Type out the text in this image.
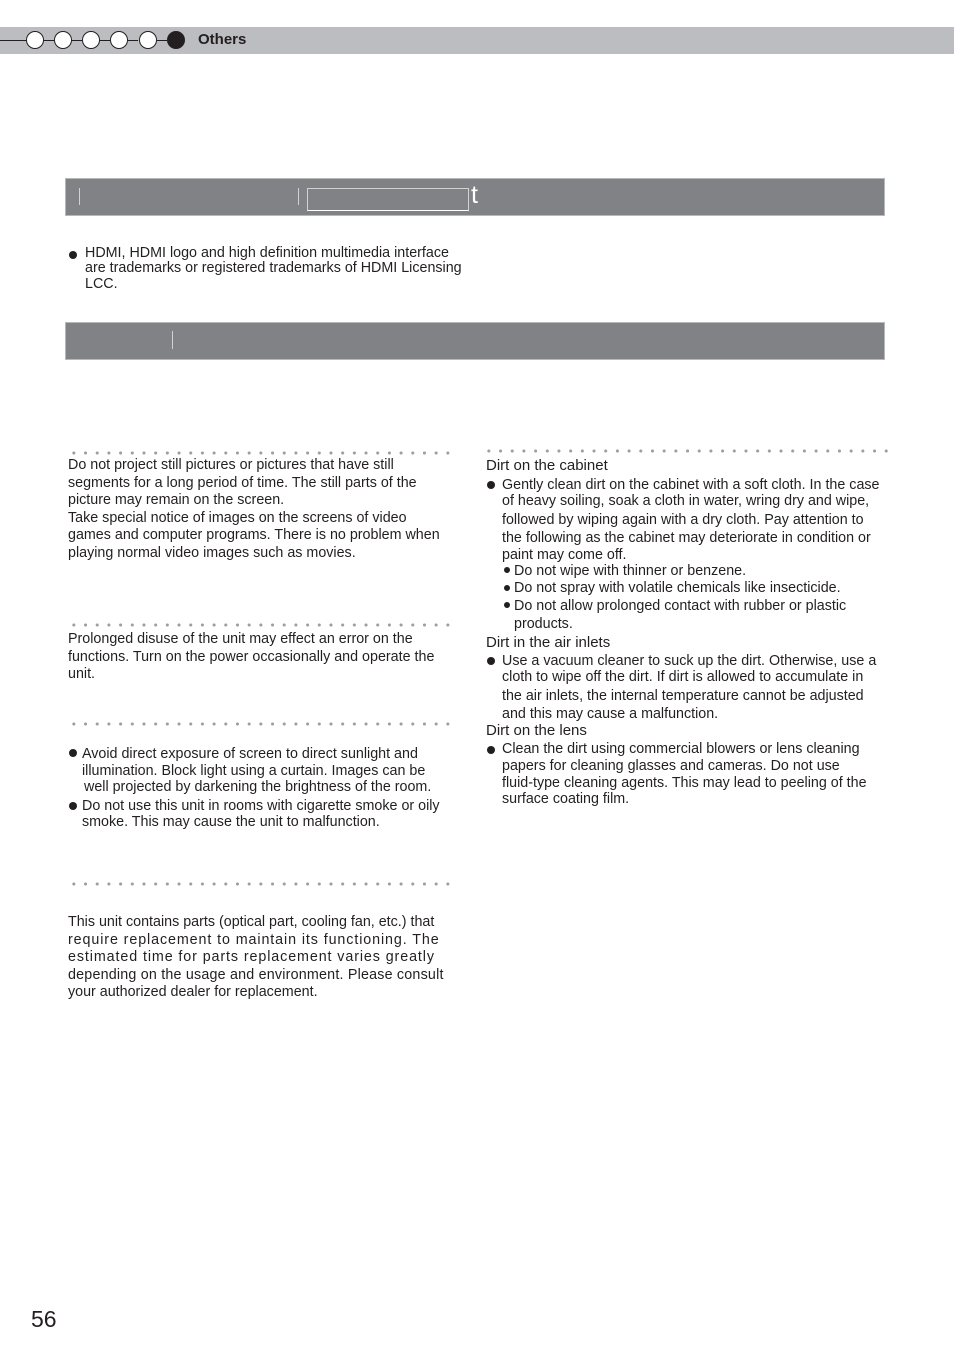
Others
t

HDMI, HDMI logo and high definition multimedia interface
are trademarks or registered trademarks of HDMI Licensing
LCC.

Do not project still pictures or pictures that have still
segments for a long period of time. The still parts of the
picture may remain on the screen.
Take special notice of images on the screens of video
games and computer programs. There is no problem when
playing normal video images such as movies.

Prolonged disuse of the unit may effect an error on the
functions. Turn on the power occasionally and operate the
unit.

Avoid direct exposure of screen to direct sunlight and
illumination. Block light using a curtain. Images can be
well projected by darkening the brightness of the room.

Do not use this unit in rooms with cigarette smoke or oily
smoke. This may cause the unit to malfunction.

This unit contains parts (optical part, cooling fan, etc.) that
require replacement to maintain its functioning. The
estimated time for parts replacement varies greatly
depending on the usage and environment. Please consult
your authorized dealer for replacement.

Dirt on the cabinet

Gently clean dirt on the cabinet with a soft cloth. In the case
of heavy soiling, soak a cloth in water, wring dry and wipe,
followed by wiping again with a dry cloth. Pay attention to
the following as the cabinet may deteriorate in condition or
paint may come off.

Do not wipe with thinner or benzene.
Do not spray with volatile chemicals like insecticide.
Do not allow prolonged contact with rubber or plastic
products.
Dirt in the air inlets

Use a vacuum cleaner to suck up the dirt. Otherwise, use a
cloth to wipe off the dirt. If dirt is allowed to accumulate in
the air inlets, the internal temperature cannot be adjusted
and this may cause a malfunction.

Dirt on the lens

Clean the dirt using commercial blowers or lens cleaning
papers for cleaning glasses and cameras. Do not use
fluid-type cleaning agents. This may lead to peeling of the
surface coating film.

56
